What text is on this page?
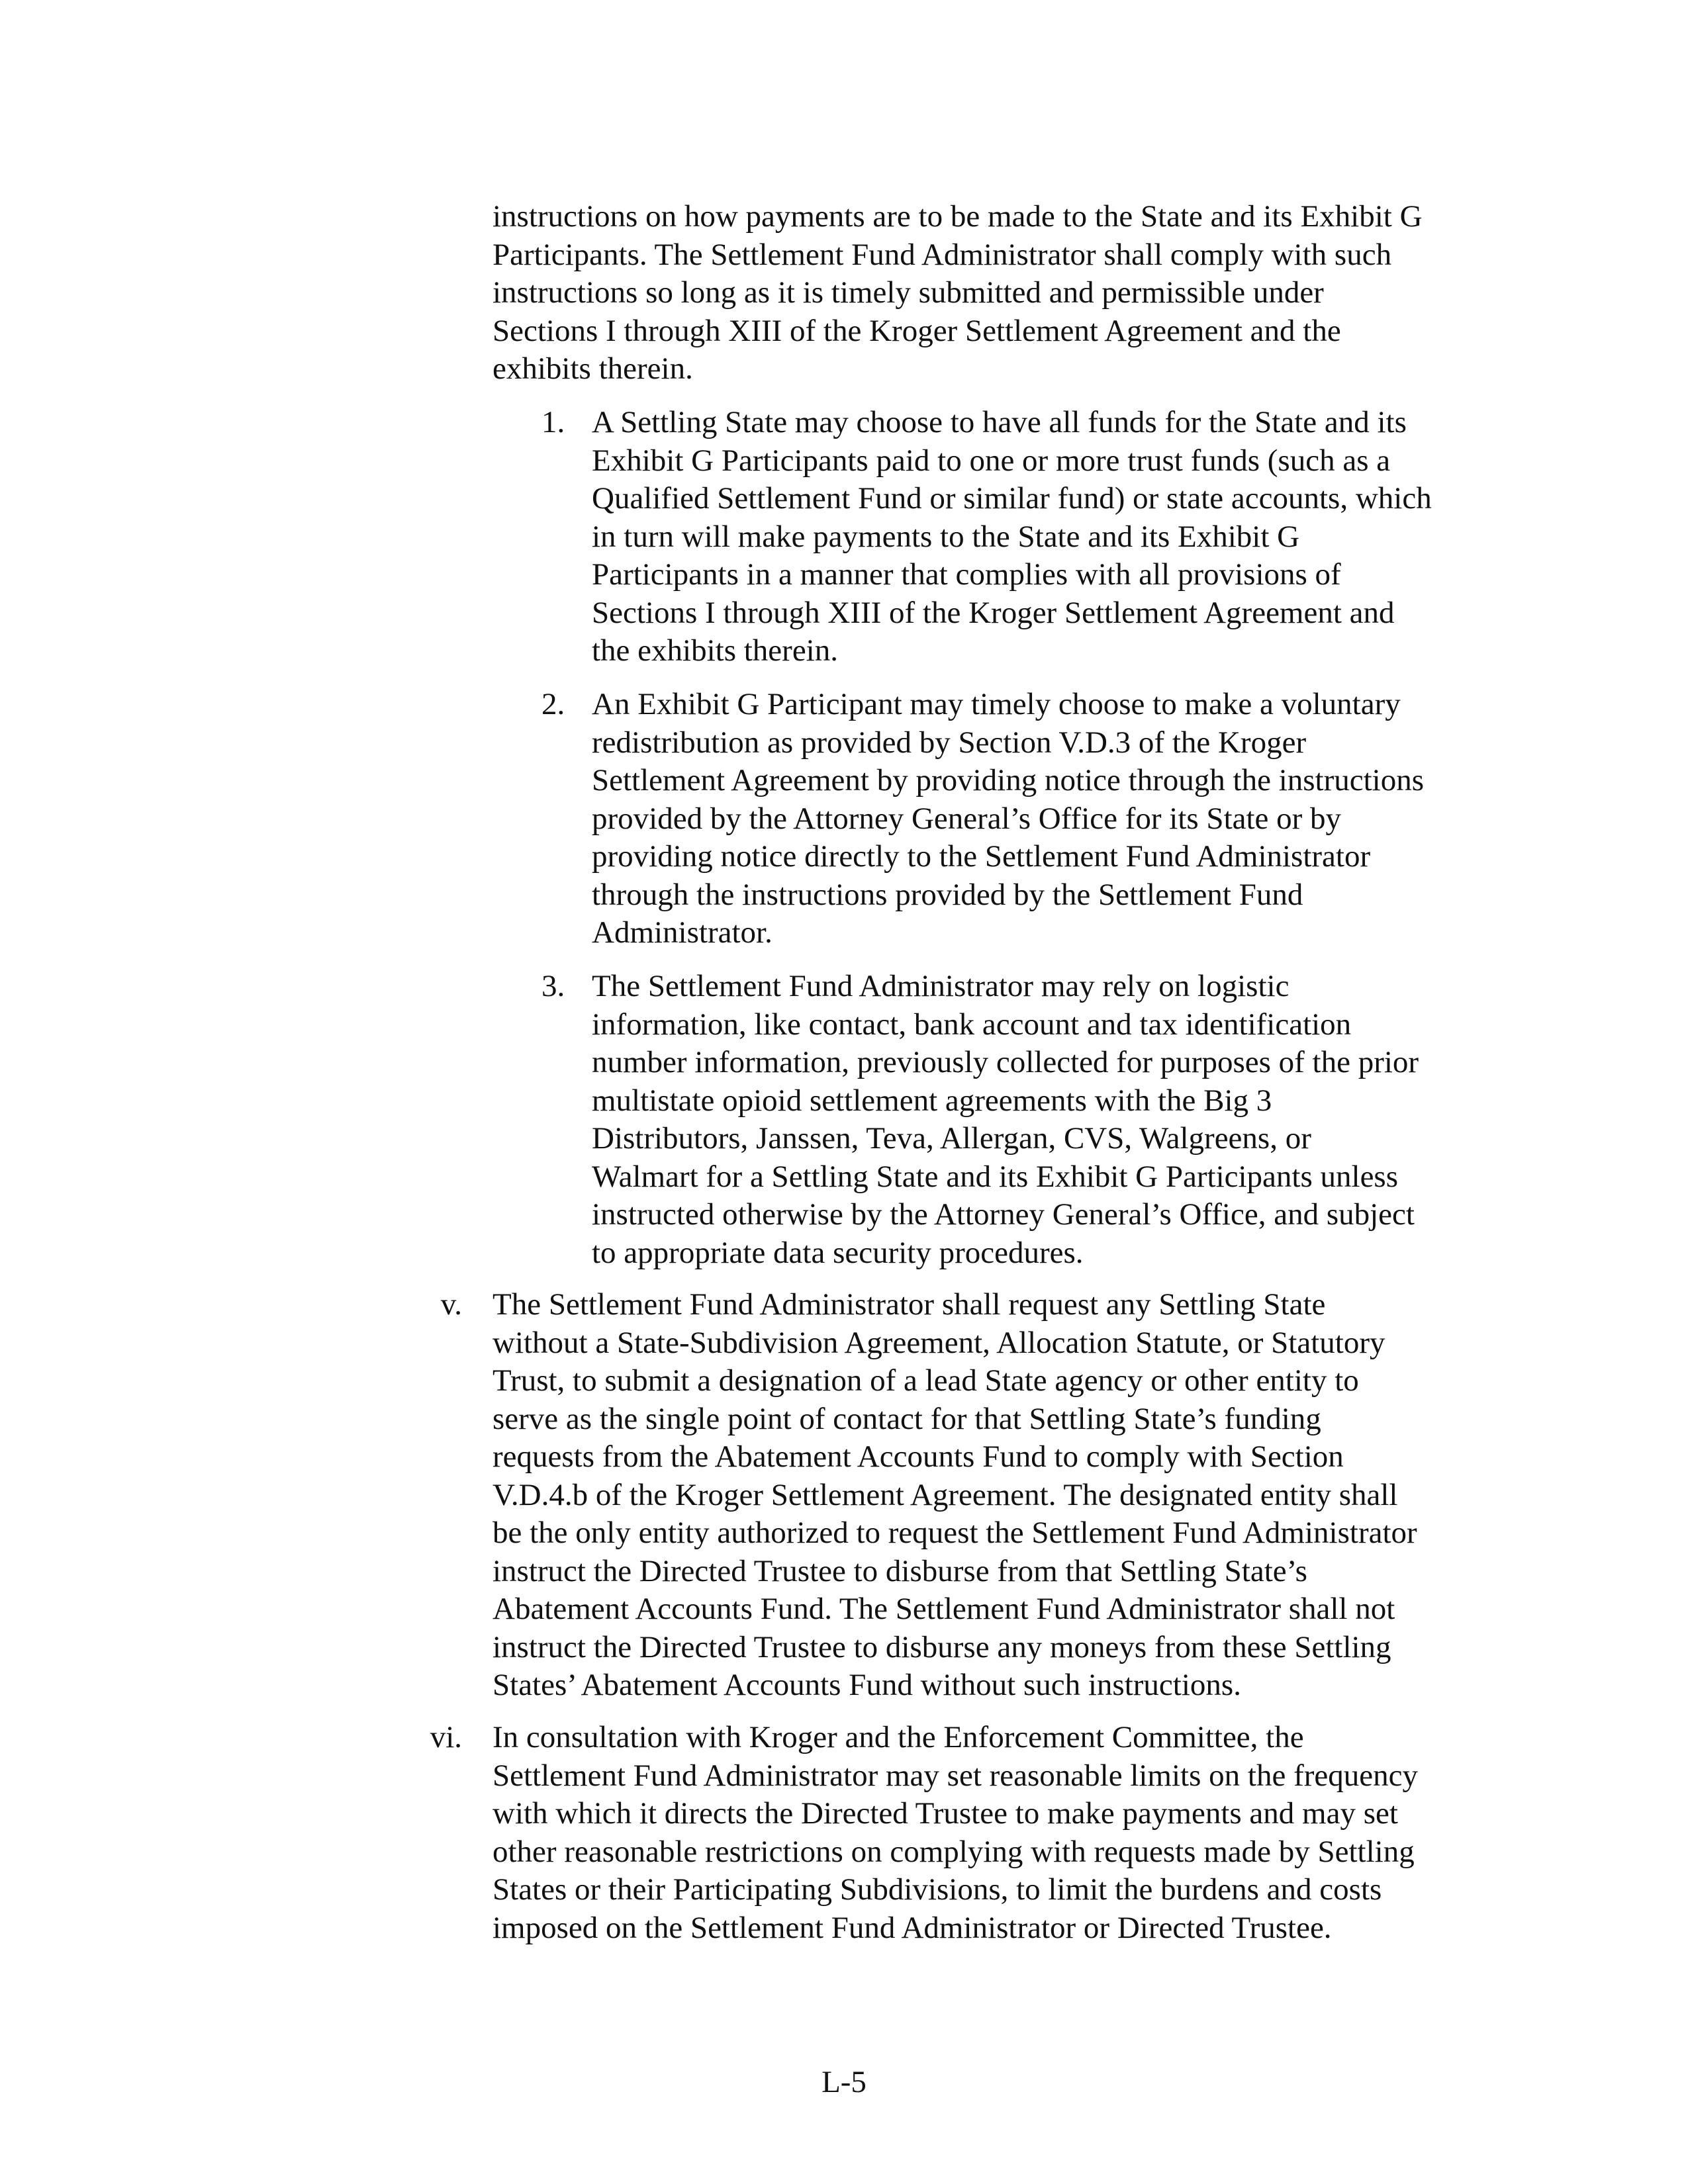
instructions on how payments are to be made to the State and its Exhibit G
Participants. The Settlement Fund Administrator shall comply with such
instructions so long as it is timely submitted and permissible under
Sections I through XIII of the Kroger Settlement Agreement and the
exhibits therein.
1. A Settling State may choose to have all funds for the State and its
Exhibit G Participants paid to one or more trust funds (such as a
Qualified Settlement Fund or similar fund) or state accounts, which
in turn will make payments to the State and its Exhibit G
Participants in a manner that complies with all provisions of
Sections I through XIII of the Kroger Settlement Agreement and
the exhibits therein.
2. An Exhibit G Participant may timely choose to make a voluntary
redistribution as provided by Section V.D.3 of the Kroger
Settlement Agreement by providing notice through the instructions
provided by the Attorney General’s Office for its State or by
providing notice directly to the Settlement Fund Administrator
through the instructions provided by the Settlement Fund
Administrator.
3. The Settlement Fund Administrator may rely on logistic
information, like contact, bank account and tax identification
number information, previously collected for purposes of the prior
multistate opioid settlement agreements with the Big 3
Distributors, Janssen, Teva, Allergan, CVS, Walgreens, or
Walmart for a Settling State and its Exhibit G Participants unless
instructed otherwise by the Attorney General’s Office, and subject
to appropriate data security procedures.
v. The Settlement Fund Administrator shall request any Settling State
without a State-Subdivision Agreement, Allocation Statute, or Statutory
Trust, to submit a designation of a lead State agency or other entity to
serve as the single point of contact for that Settling State’s funding
requests from the Abatement Accounts Fund to comply with Section
V.D.4.b of the Kroger Settlement Agreement. The designated entity shall
be the only entity authorized to request the Settlement Fund Administrator
instruct the Directed Trustee to disburse from that Settling State’s
Abatement Accounts Fund. The Settlement Fund Administrator shall not
instruct the Directed Trustee to disburse any moneys from these Settling
States’ Abatement Accounts Fund without such instructions.
vi. In consultation with Kroger and the Enforcement Committee, the
Settlement Fund Administrator may set reasonable limits on the frequency
with which it directs the Directed Trustee to make payments and may set
other reasonable restrictions on complying with requests made by Settling
States or their Participating Subdivisions, to limit the burdens and costs
imposed on the Settlement Fund Administrator or Directed Trustee.
L-5
